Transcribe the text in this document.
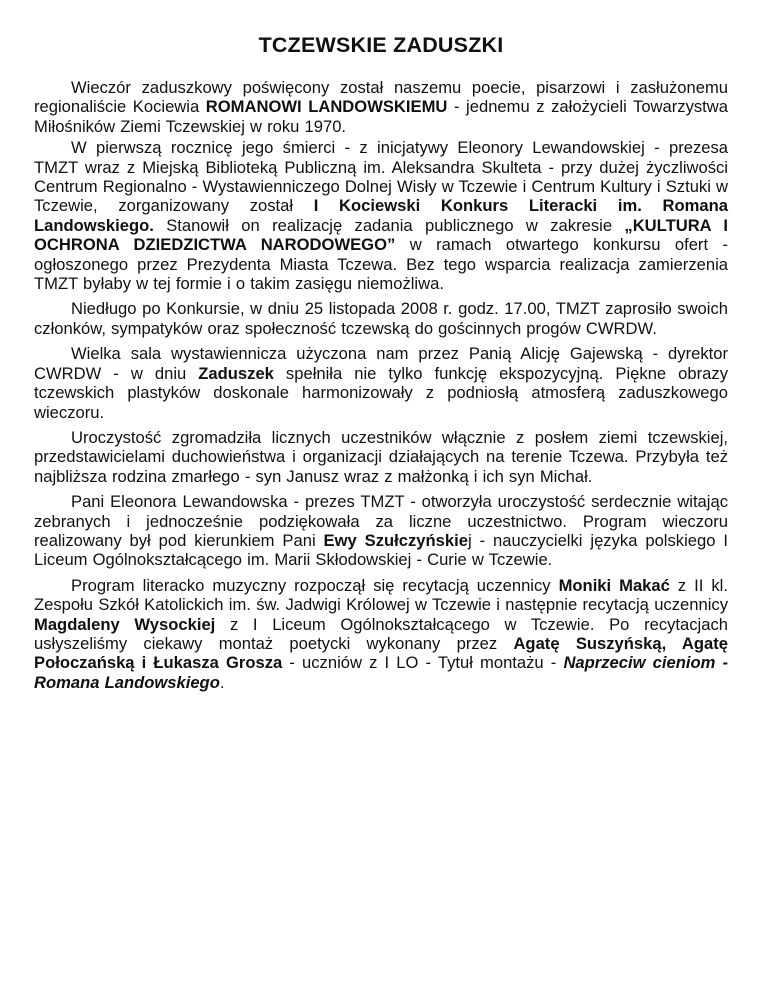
TCZEWSKIE ZADUSZKI

Wieczór zaduszkowy poświęcony został naszemu poecie, pisarzowi i zasłużonemu regionaliście Kociewia ROMANOWI LANDOWSKIEMU - jednemu z założycieli Towarzystwa Miłośników Ziemi Tczewskiej w roku 1970.

W pierwszą rocznicę jego śmierci - z inicjatywy Eleonory Lewandowskiej - prezesa TMZT wraz z Miejską Biblioteką Publiczną im. Aleksandra Skulteta - przy dużej życzliwości Centrum Regionalno - Wystawienniczego Dolnej Wisły w Tczewie i Centrum Kultury i Sztuki w Tczewie, zorganizowany został I Kociewski Konkurs Literacki im. Romana Landowskiego. Stanowił on realizację zadania publicznego w zakresie „KULTURA I OCHRONA DZIEDZICTWA NARODOWEGO” w ramach otwartego konkursu ofert - ogłoszonego przez Prezydenta Miasta Tczewa. Bez tego wsparcia realizacja zamierzenia TMZT byłaby w tej formie i o takim zasięgu niemożliwa.

Niedługo po Konkursie, w dniu 25 listopada 2008 r. godz. 17.00, TMZT zaprosiło swoich członków, sympatyków oraz społeczność tczewską do gościnnych progów CWRDW.

Wielka sala wystawiennicza użyczona nam przez Panią Alicję Gajewską - dyrektor CWRDW - w dniu Zaduszek spełniła nie tylko funkcję ekspozycyjną. Piękne obrazy tczewskich plastyków doskonale harmonizowały z podniosłą atmosferą zaduszkowego wieczoru.

Uroczystość zgromadziła licznych uczestników włącznie z posłem ziemi tczewskiej, przedstawicielami duchowieństwa i organizacji działających na terenie Tczewa. Przybyła też najbliższa rodzina zmarłego - syn Janusz wraz z małżonką i ich syn Michał.

Pani Eleonora Lewandowska - prezes TMZT - otworzyła uroczystość serdecznie witając zebranych i jednocześnie podziękowała za liczne uczestnictwo. Program wieczoru realizowany był pod kierunkiem Pani Ewy Szułczyńskiej - nauczycielki języka polskiego I Liceum Ogólnokształcącego im. Marii Skłodowskiej - Curie w Tczewie.

Program literacko muzyczny rozpoczął się recytacją uczennicy Moniki Makać z II kl. Zespołu Szkół Katolickich im. św. Jadwigi Królowej w Tczewie i następnie recytacją uczennicy Magdaleny Wysockiej z I Liceum Ogólnokształcącego w Tczewie. Po recytacjach usłyszeliśmy ciekawy montaż poetycki wykonany przez Agatę Suszyńską, Agatę Połoczańską i Łukasza Grosza - uczniów z I LO - Tytuł montażu - Naprzeciw cieniom - Romana Landowskiego.
